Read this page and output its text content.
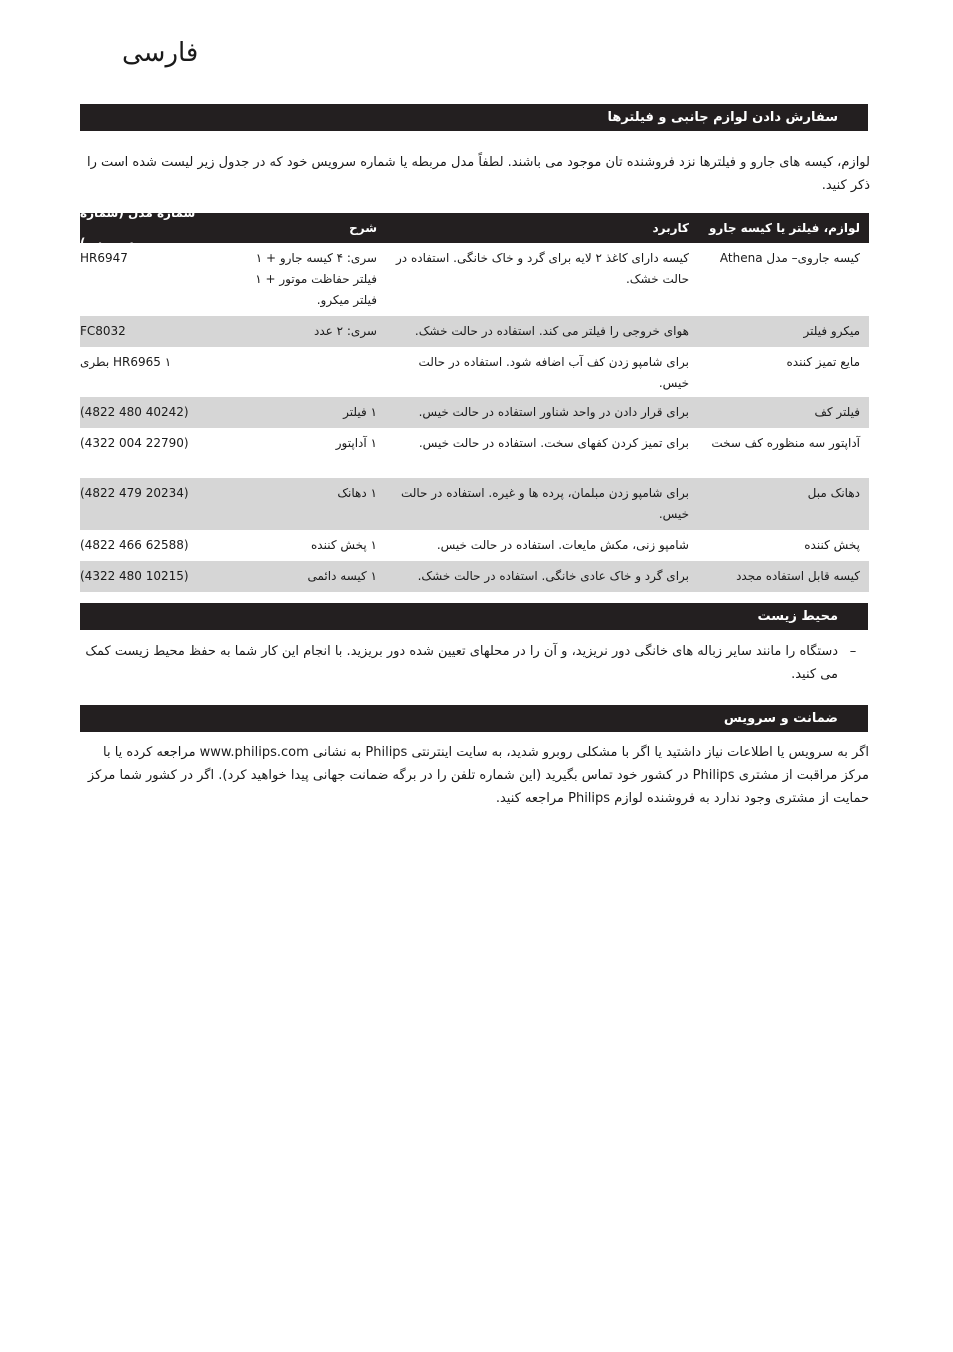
فارسی
سفارش دادن لوازم جانبی و فیلترها
لوازم، کیسه های جارو و فیلترها نزد فروشنده تان موجود می باشند. لطفاً مدل مربطه یا شماره سرویس خود که در جدول زیر لیست شده است را ذکر کنید.
لوازم، فیلتر یا کیسه جارو
کاربرد
شرح
شماره مدل (شماره سرویس)
کیسه جاروی– مدل Athena
کیسه دارای کاغذ ۲ لایه برای گرد و خاک خانگی. استفاده در حالت خشک.
سری: ۴ کیسه جارو + ۱ فیلتر حفاظت موتور + ۱ فیلتر میکرو.
HR6947
میکرو فیلتر
هوای خروجی را فیلتر می کند. استفاده در حالت خشک.
سری: ۲ عدد
FC8032
مایع تمیز کننده
برای شامپو زدن کف آب اضافه شود. استفاده در حالت خیس.
HR6965 ۱ بطری
فیلتر کف
برای قرار دادن در واحد شناور استفاده در حالت خیس.
۱ فیلتر
(4822 480 40242)
آداپتور سه منظوره کف سخت
برای تمیز کردن کفهای سخت. استفاده در حالت خیس.
۱ آداپتور
(4322 004 22790)
دهانک مبل
برای شامپو زدن مبلمان، پرده ها و غیره. استفاده در حالت خیس.
۱ دهانک
(4822 479 20234)
پخش کننده
شامپو زنی، مکش مایعات. استفاده در حالت خیس.
۱ پخش کننده
(4822 466 62588)
کیسه قابل استفاده مجدد
برای گرد و خاک عادی خانگی. استفاده در حالت خشک.
۱ کیسه دائمی
(4322 480 10215)
محیط زیست
–
دستگاه را مانند سایر زباله های خانگی دور نریزید، و آن را در محلهای تعیین شده دور بریزید. با انجام این کار شما به حفظ محیط زیست کمک می کنید.
ضمانت و سرویس
اگر به سرویس یا اطلاعات نیاز داشتید یا اگر با مشکلی روبرو شدید، به سایت اینترنتی Philips به نشانی www.philips.com مراجعه کرده یا با مرکز مراقبت از مشتری Philips در کشور خود تماس بگیرید (این شماره تلفن را در برگه ضمانت جهانی پیدا خواهید کرد). اگر در کشور شما مرکز حمایت از مشتری وجود ندارد به فروشنده لوازم Philips مراجعه کنید.
